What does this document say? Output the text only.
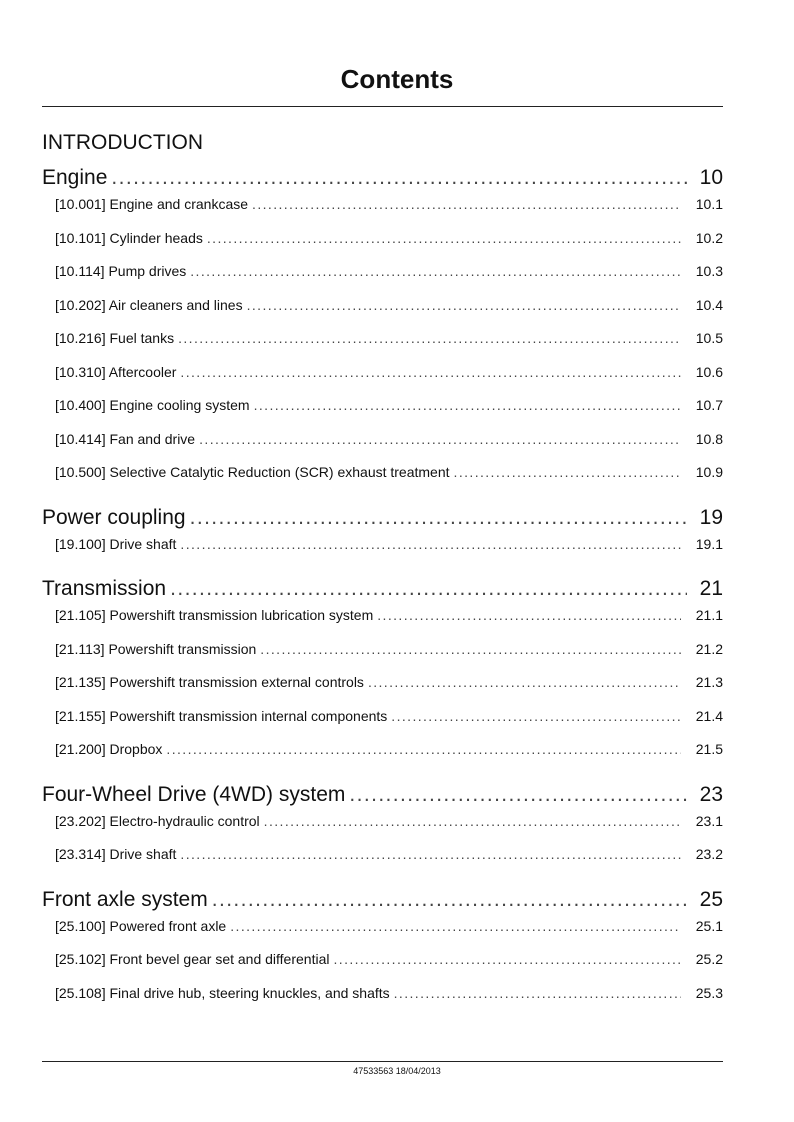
Contents
INTRODUCTION
Engine .....	10
[10.001] Engine and crankcase .....	10.1
[10.101] Cylinder heads .....	10.2
[10.114] Pump drives .....	10.3
[10.202] Air cleaners and lines .....	10.4
[10.216] Fuel tanks .....	10.5
[10.310] Aftercooler .....	10.6
[10.400] Engine cooling system .....	10.7
[10.414] Fan and drive .....	10.8
[10.500] Selective Catalytic Reduction (SCR) exhaust treatment .....	10.9
Power coupling .....	19
[19.100] Drive shaft .....	19.1
Transmission .....	21
[21.105] Powershift transmission lubrication system .....	21.1
[21.113] Powershift transmission .....	21.2
[21.135] Powershift transmission external controls .....	21.3
[21.155] Powershift transmission internal components .....	21.4
[21.200] Dropbox .....	21.5
Four-Wheel Drive (4WD) system .....	23
[23.202] Electro-hydraulic control .....	23.1
[23.314] Drive shaft .....	23.2
Front axle system .....	25
[25.100] Powered front axle .....	25.1
[25.102] Front bevel gear set and differential .....	25.2
[25.108] Final drive hub, steering knuckles, and shafts .....	25.3
47533563 18/04/2013
